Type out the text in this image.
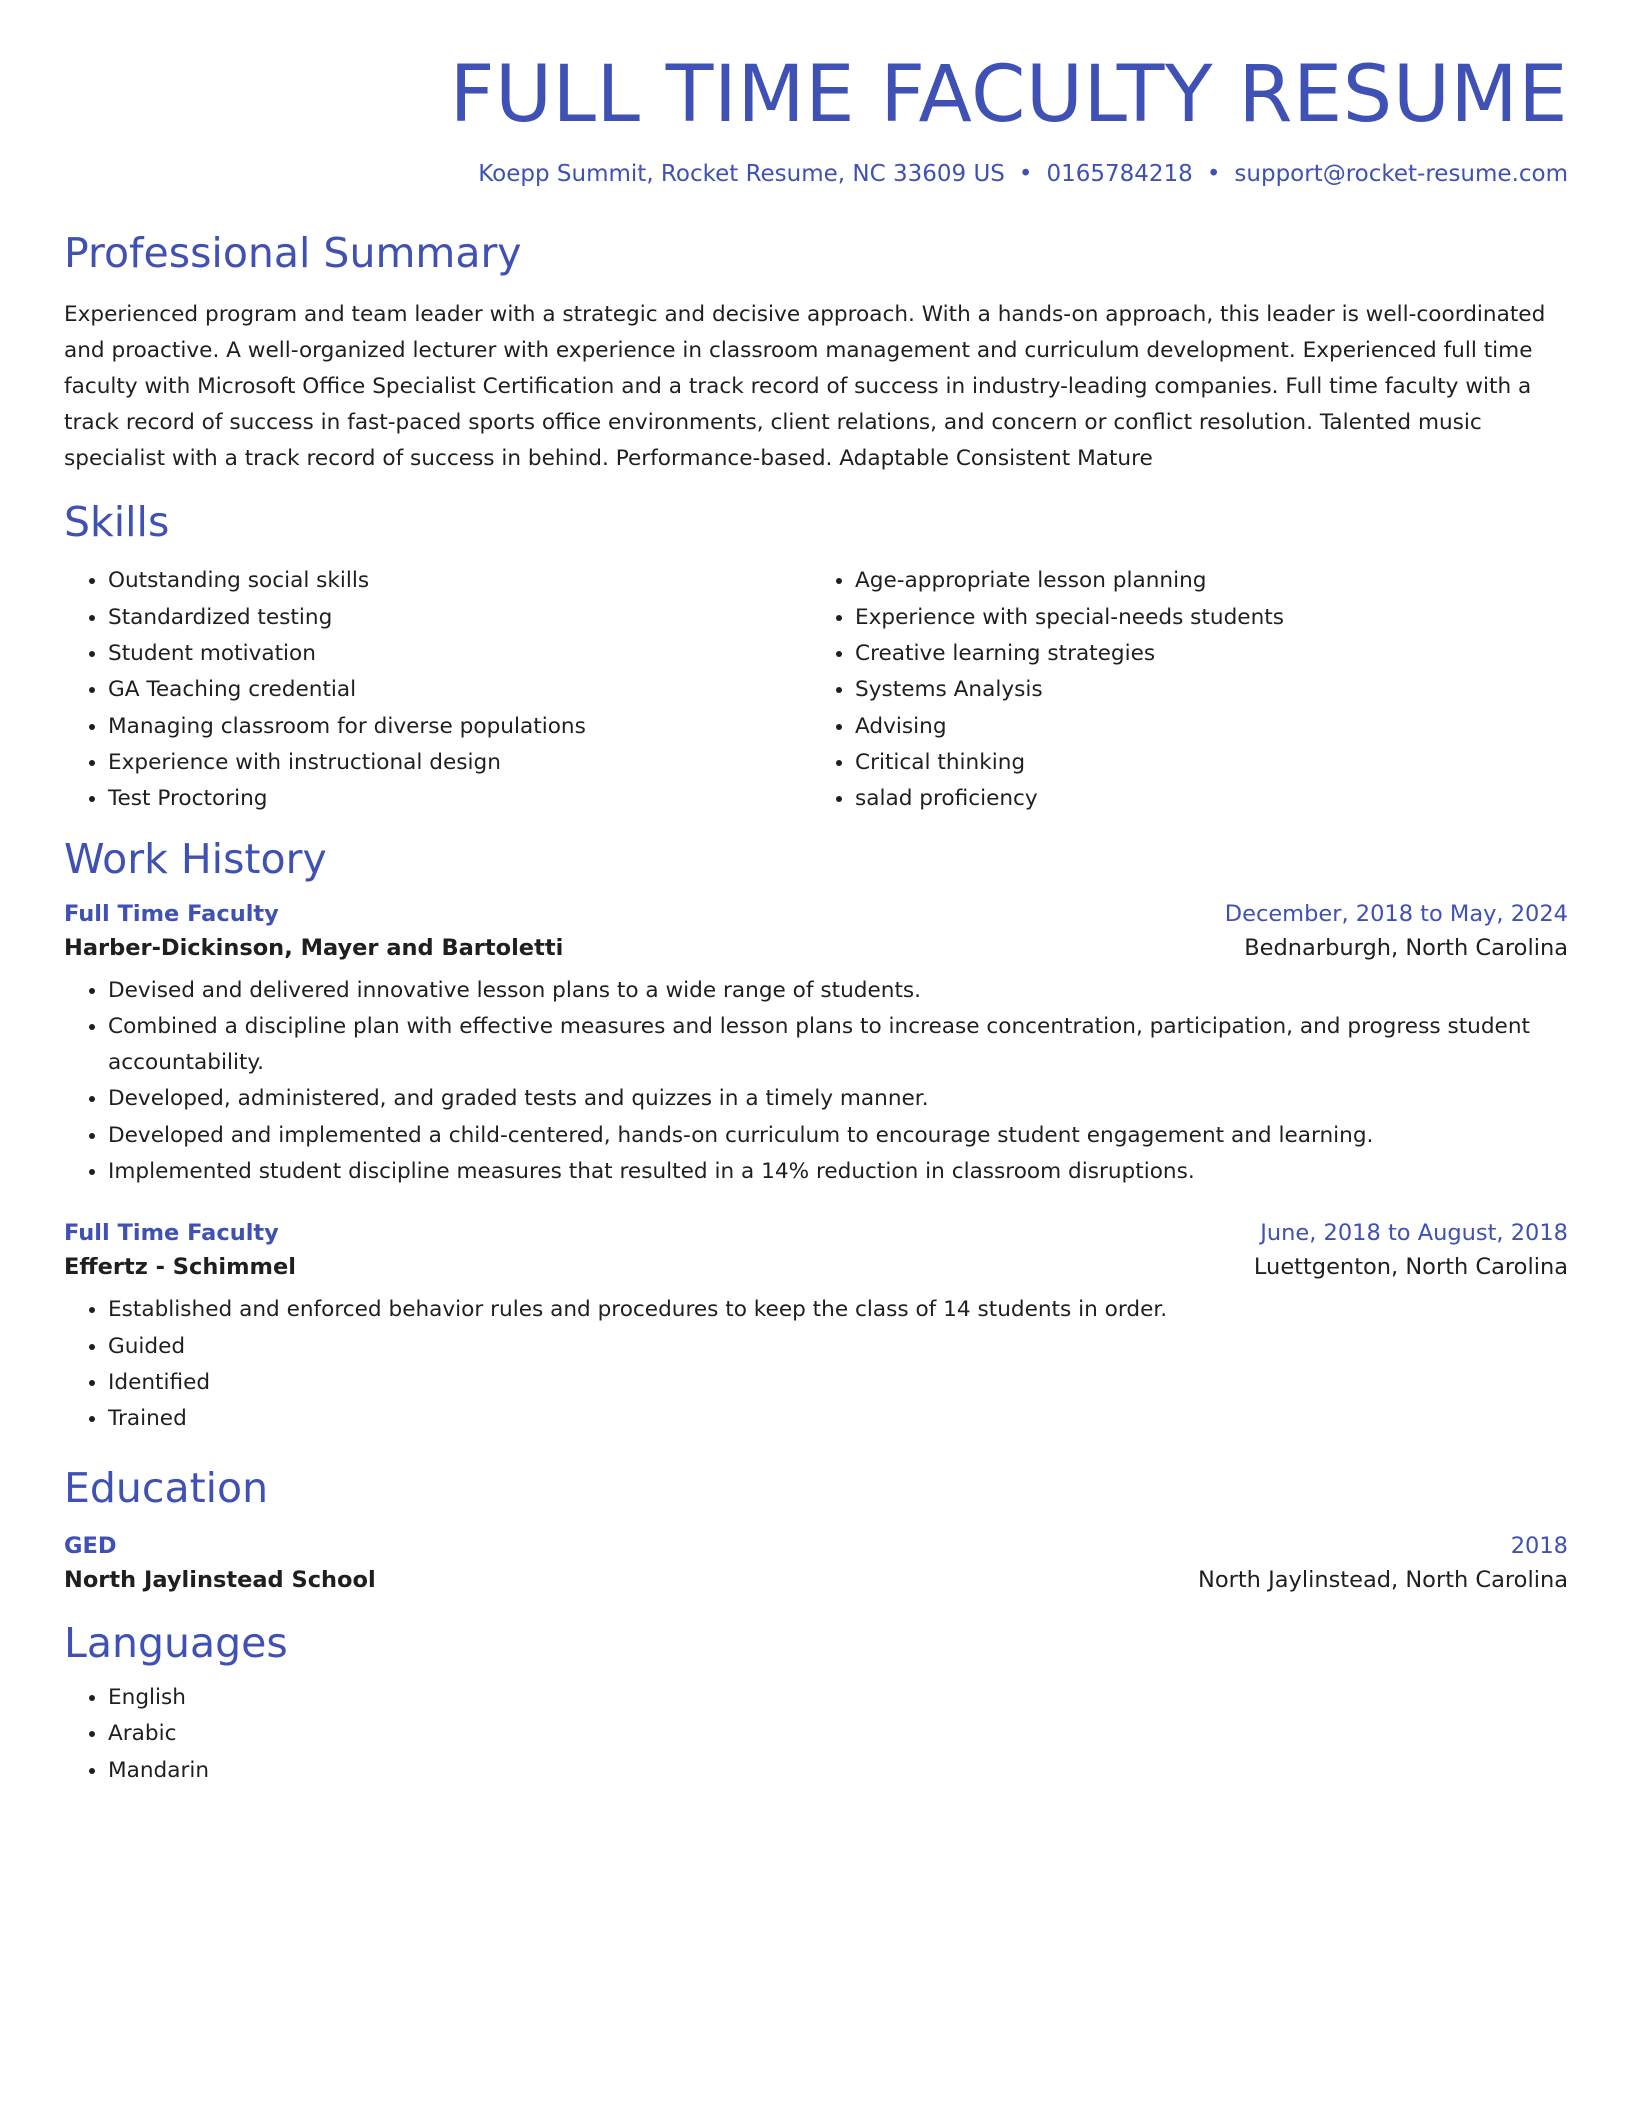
FULL TIME FACULTY RESUME
Koepp Summit, Rocket Resume, NC 33609 US • 0165784218 • support@rocket-resume.com
Professional Summary

Experienced program and team leader with a strategic and decisive approach. With a hands-on approach, this leader is well-coordinated and proactive. A well-organized lecturer with experience in classroom management and curriculum development. Experienced full time faculty with Microsoft Office Specialist Certification and a track record of success in industry-leading companies. Full time faculty with a track record of success in fast-paced sports office environments, client relations, and concern or conflict resolution. Talented music specialist with a track record of success in behind. Performance-based. Adaptable Consistent Mature

Skills
• Outstanding social skills
• Standardized testing
• Student motivation
• GA Teaching credential
• Managing classroom for diverse populations
• Experience with instructional design
• Test Proctoring
• Age-appropriate lesson planning
• Experience with special-needs students
• Creative learning strategies
• Systems Analysis
• Advising
• Critical thinking
• salad proficiency
Work History
Full Time Faculty	December, 2018 to May, 2024
Harber-Dickinson, Mayer and Bartoletti	Bednarburgh, North Carolina
• Devised and delivered innovative lesson plans to a wide range of students.
• Combined a discipline plan with effective measures and lesson plans to increase concentration, participation, and progress student accountability.
• Developed, administered, and graded tests and quizzes in a timely manner.
• Developed and implemented a child-centered, hands-on curriculum to encourage student engagement and learning.
• Implemented student discipline measures that resulted in a 14% reduction in classroom disruptions.
Full Time Faculty	June, 2018 to August, 2018
Effertz - Schimmel	Luettgenton, North Carolina
• Established and enforced behavior rules and procedures to keep the class of 14 students in order.
• Guided
• Identified
• Trained
Education
GED	2018
North Jaylinstead School	North Jaylinstead, North Carolina
Languages
• English
• Arabic
• Mandarin
